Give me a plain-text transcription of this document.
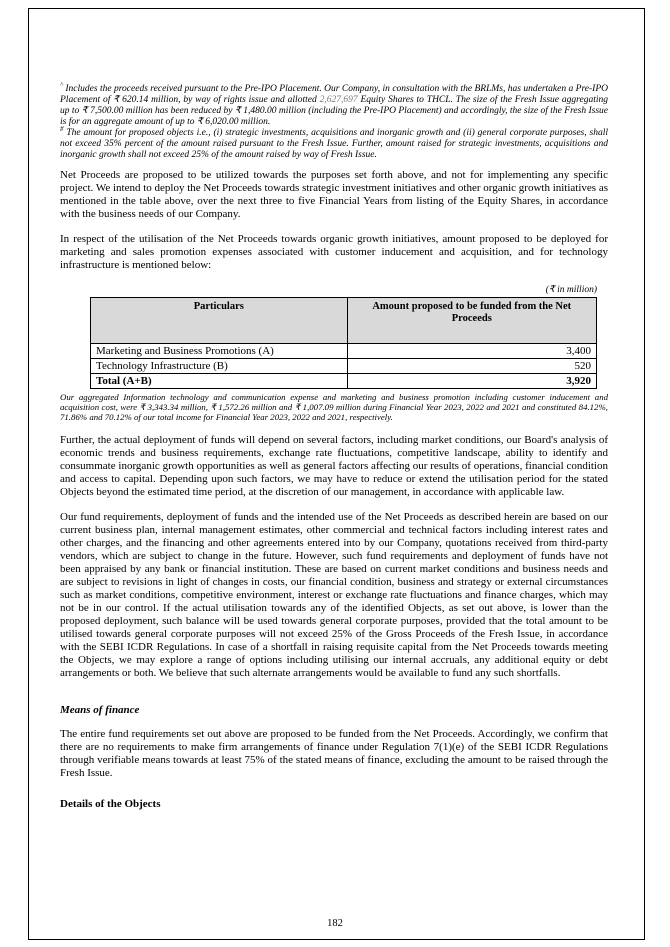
^ Includes the proceeds received pursuant to the Pre-IPO Placement. Our Company, in consultation with the BRLMs, has undertaken a Pre-IPO Placement of ₹ 620.14 million, by way of rights issue and allotted 2,627,697 Equity Shares to THCL. The size of the Fresh Issue aggregating up to ₹ 7,500.00 million has been reduced by ₹ 1,480.00 million (including the Pre-IPO Placement) and accordingly, the size of the Fresh Issue is for an aggregate amount of up to ₹ 6,020.00 million.

# The amount for proposed objects i.e., (i) strategic investments, acquisitions and inorganic growth and (ii) general corporate purposes, shall not exceed 35% percent of the amount raised pursuant to the Fresh Issue. Further, amount raised for strategic investments, acquisitions and inorganic growth shall not exceed 25% of the amount raised by way of Fresh Issue.

Net Proceeds are proposed to be utilized towards the purposes set forth above, and not for implementing any specific project. We intend to deploy the Net Proceeds towards strategic investment initiatives and other organic growth initiatives as mentioned in the table above, over the next three to five Financial Years from listing of the Equity Shares, in accordance with the business needs of our Company.

In respect of the utilisation of the Net Proceeds towards organic growth initiatives, amount proposed to be deployed for marketing and sales promotion expenses associated with customer inducement and acquisition, and for technology infrastructure is mentioned below:

(₹ in million)
Particulars	Amount proposed to be funded from the Net Proceeds
Marketing and Business Promotions (A)	3,400
Technology Infrastructure (B)	520
Total (A+B)	3,920

Our aggregated Information technology and communication expense and marketing and business promotion including customer inducement and acquisition cost, were ₹ 3,343.34 million, ₹ 1,572.26 million and ₹ 1,007.09 million during Financial Year 2023, 2022 and 2021 and constituted 84.12%, 71.86% and 70.12% of our total income for Financial Year 2023, 2022 and 2021, respectively.

Further, the actual deployment of funds will depend on several factors, including market conditions, our Board's analysis of economic trends and business requirements, exchange rate fluctuations, competitive landscape, ability to identify and consummate inorganic growth opportunities as well as general factors affecting our results of operations, financial condition and access to capital. Depending upon such factors, we may have to reduce or extend the utilisation period for the stated Objects beyond the estimated time period, at the discretion of our management, in accordance with applicable law.

Our fund requirements, deployment of funds and the intended use of the Net Proceeds as described herein are based on our current business plan, internal management estimates, other commercial and technical factors including interest rates and other charges, and the financing and other agreements entered into by our Company, quotations received from third-party vendors, which are subject to change in the future. However, such fund requirements and deployment of funds have not been appraised by any bank or financial institution. These are based on current market conditions and business needs and are subject to revisions in light of changes in costs, our financial condition, business and strategy or external circumstances such as market conditions, competitive environment, interest or exchange rate fluctuations and finance charges, which may not be in our control. If the actual utilisation towards any of the identified Objects, as set out above, is lower than the proposed deployment, such balance will be used towards general corporate purposes, provided that the total amount to be utilised towards general corporate purposes will not exceed 25% of the Gross Proceeds of the Fresh Issue, in accordance with the SEBI ICDR Regulations. In case of a shortfall in raising requisite capital from the Net Proceeds towards meeting the Objects, we may explore a range of options including utilising our internal accruals, any additional equity or debt arrangements or both. We believe that such alternate arrangements would be available to fund any such shortfalls.

Means of finance

The entire fund requirements set out above are proposed to be funded from the Net Proceeds. Accordingly, we confirm that there are no requirements to make firm arrangements of finance under Regulation 7(1)(e) of the SEBI ICDR Regulations through verifiable means towards at least 75% of the stated means of finance, excluding the amount to be raised through the Fresh Issue.

Details of the Objects
182
